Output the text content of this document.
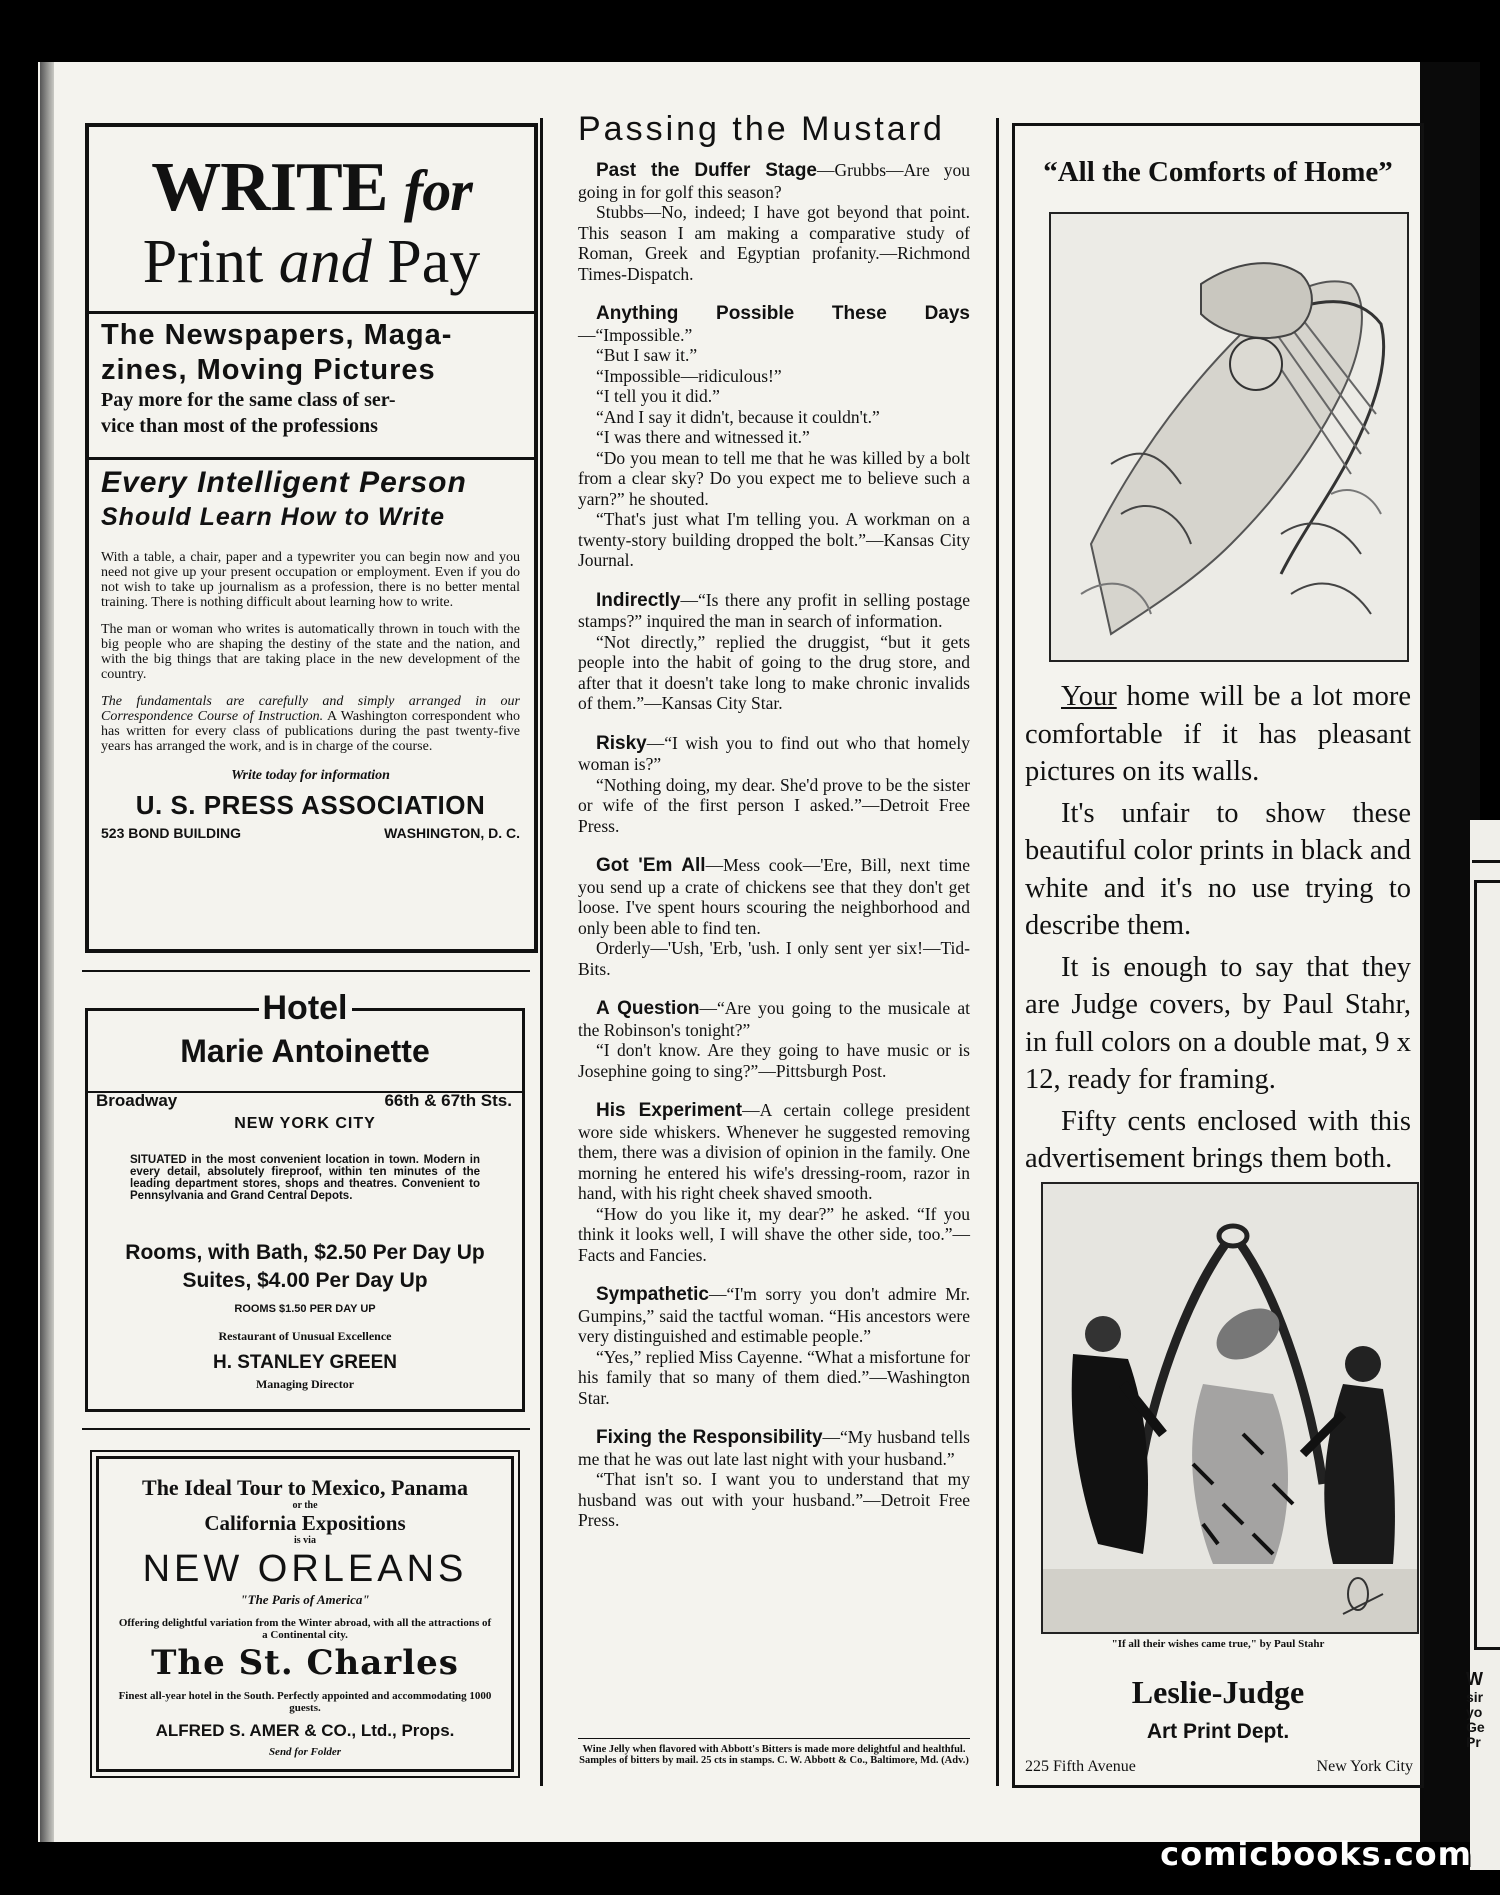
W
sir
yo
Ge
Pr
WRITE for
Print and Pay
The Newspapers, Maga-
zines, Moving Pictures
Pay more for the same class of ser-
vice than most of the professions
Every Intelligent Person
Should Learn How to Write

With a table, a chair, paper and a typewriter you can begin now and you need not give up your present occupation or employment. Even if you do not wish to take up journalism as a profession, there is no better mental training. There is nothing difficult about learning how to write.

The man or woman who writes is automatically thrown in touch with the big people who are shaping the destiny of the state and the nation, and with the big things that are taking place in the new development of the country.

The fundamentals are carefully and simply arranged in our Correspondence Course of Instruction. A Washington correspondent who has written for every class of publications during the past twenty-five years has arranged the work, and is in charge of the course.

Write today for information
U. S. PRESS ASSOCIATION
523 BOND BUILDING	WASHINGTON, D. C.
Hotel
Marie Antoinette
Broadway	66th & 67th Sts.
NEW YORK CITY

SITUATED in the most convenient location in town. Modern in every detail, absolutely fireproof, within ten minutes of the leading department stores, shops and theatres. Convenient to Pennsylvania and Grand Central Depots.

Rooms, with Bath, $2.50 Per Day Up
Suites, $4.00 Per Day Up
ROOMS $1.50 PER DAY UP
Restaurant of Unusual Excellence
H. STANLEY GREEN
Managing Director
The Ideal Tour to Mexico, Panama
or the
California Expositions
is via
NEW ORLEANS
"The Paris of America"

Offering delightful variation from the Winter abroad, with all the attractions of a Continental city.

The St. Charles

Finest all-year hotel in the South. Perfectly appointed and accommodating 1000 guests.

ALFRED S. AMER & CO., Ltd., Props.
Send for Folder
Passing the Mustard

Past the Duffer Stage—Grubbs—Are you going in for golf this season?

Stubbs—No, indeed; I have got beyond that point. This season I am making a comparative study of Roman, Greek and Egyptian profanity.—Richmond Times-Dispatch.

Anything Possible These Days—“Impossible.”

“But I saw it.”

“Impossible—ridiculous!”

“I tell you it did.”

“And I say it didn't, because it couldn't.”

“I was there and witnessed it.”

“Do you mean to tell me that he was killed by a bolt from a clear sky? Do you expect me to believe such a yarn?” he shouted.

“That's just what I'm telling you. A workman on a twenty-story building dropped the bolt.”—Kansas City Journal.

Indirectly—“Is there any profit in selling postage stamps?” inquired the man in search of information.

“Not directly,” replied the druggist, “but it gets people into the habit of going to the drug store, and after that it doesn't take long to make chronic invalids of them.”—Kansas City Star.

Risky—“I wish you to find out who that homely woman is?”

“Nothing doing, my dear. She'd prove to be the sister or wife of the first person I asked.”—Detroit Free Press.

Got 'Em All—Mess cook—'Ere, Bill, next time you send up a crate of chickens see that they don't get loose. I've spent hours scouring the neighborhood and only been able to find ten.

Orderly—'Ush, 'Erb, 'ush. I only sent yer six!—Tid-Bits.

A Question—“Are you going to the musicale at the Robinson's tonight?”

“I don't know. Are they going to have music or is Josephine going to sing?”—Pittsburgh Post.

His Experiment—A certain college president wore side whiskers. Whenever he suggested removing them, there was a division of opinion in the family. One morning he entered his wife's dressing-room, razor in hand, with his right cheek shaved smooth.

“How do you like it, my dear?” he asked. “If you think it looks well, I will shave the other side, too.”—Facts and Fancies.

Sympathetic—“I'm sorry you don't admire Mr. Gumpins,” said the tactful woman. “His ancestors were very distinguished and estimable people.”

“Yes,” replied Miss Cayenne. “What a misfortune for his family that so many of them died.”—Washington Star.

Fixing the Responsibility—“My husband tells me that he was out late last night with your husband.”

“That isn't so. I want you to understand that my husband was out with your husband.”—Detroit Free Press.

Wine Jelly when flavored with Abbott's Bitters is made more delightful and healthful. Samples of bitters by mail. 25 cts in stamps. C. W. Abbott & Co., Baltimore, Md. (Adv.)

“All the Comforts of Home”

Your home will be a lot more comfortable if it has pleasant pictures on its walls.

It's unfair to show these beautiful color prints in black and white and it's no use trying to describe them.

It is enough to say that they are Judge covers, by Paul Stahr, in full colors on a double mat, 9 x 12, ready for framing.

Fifty cents enclosed with this advertisement brings them both.

"If all their wishes came true," by Paul Stahr
Leslie-Judge
Art Print Dept.
225 Fifth Avenue	New York City
comicbooks.com
